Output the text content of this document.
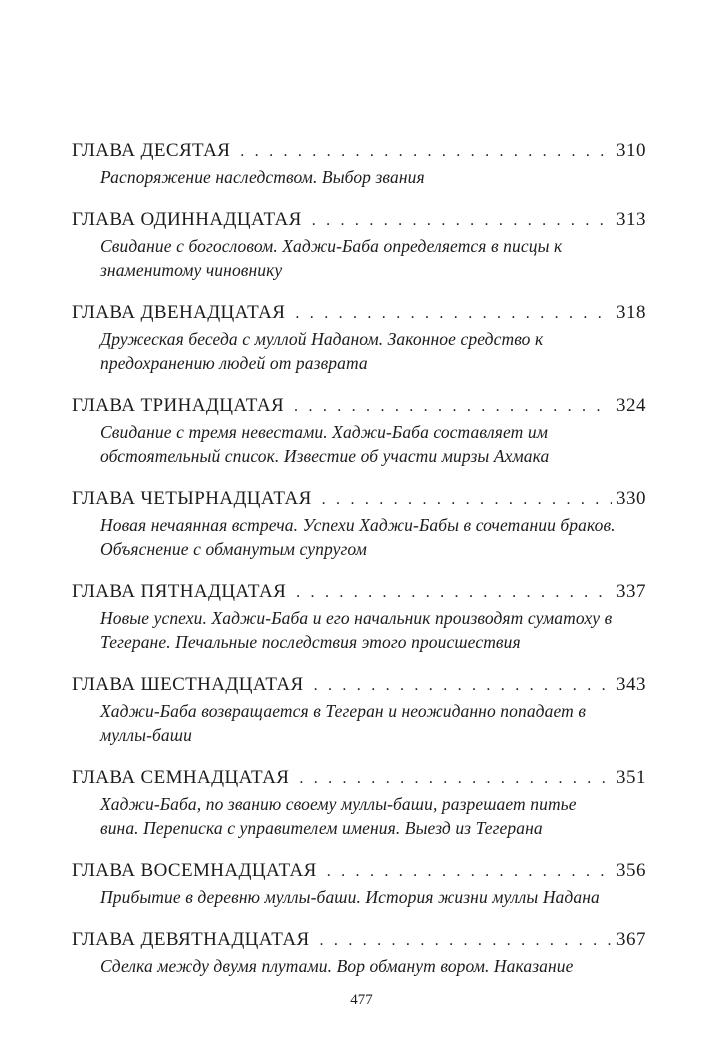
ГЛАВА ДЕСЯТАЯ . . .	310
Распоряжение наследством. Выбор звания
ГЛАВА ОДИННАДЦАТАЯ . . .	313
Свидание с богословом. Хаджи-Баба определяется в писцы к знаменитому чиновнику
ГЛАВА ДВЕНАДЦАТАЯ . . .	318
Дружеская беседа с муллой Наданом. Законное средство к предохранению людей от разврата
ГЛАВА ТРИНАДЦАТАЯ . . .	324
Свидание с тремя невестами. Хаджи-Баба составляет им обстоятельный список. Известие об участи мирзы Ахмака
ГЛАВА ЧЕТЫРНАДЦАТАЯ . . .	330
Новая нечаянная встреча. Успехи Хаджи-Бабы в сочетании браков. Объяснение с обманутым супругом
ГЛАВА ПЯТНАДЦАТАЯ . . .	337
Новые успехи. Хаджи-Баба и его начальник производят суматоху в Тегеране. Печальные последствия этого происшествия
ГЛАВА ШЕСТНАДЦАТАЯ . . .	343
Хаджи-Баба возвращается в Тегеран и неожиданно попадает в муллы-баши
ГЛАВА СЕМНАДЦАТАЯ . . .	351
Хаджи-Баба, по званию своему муллы-баши, разрешает питье вина. Переписка с управителем имения. Выезд из Тегерана
ГЛАВА ВОСЕМНАДЦАТАЯ . . .	356
Прибытие в деревню муллы-баши. История жизни муллы Надана
ГЛАВА ДЕВЯТНАДЦАТАЯ . . .	367
Сделка между двумя плутами. Вор обманут вором. Наказание
477
